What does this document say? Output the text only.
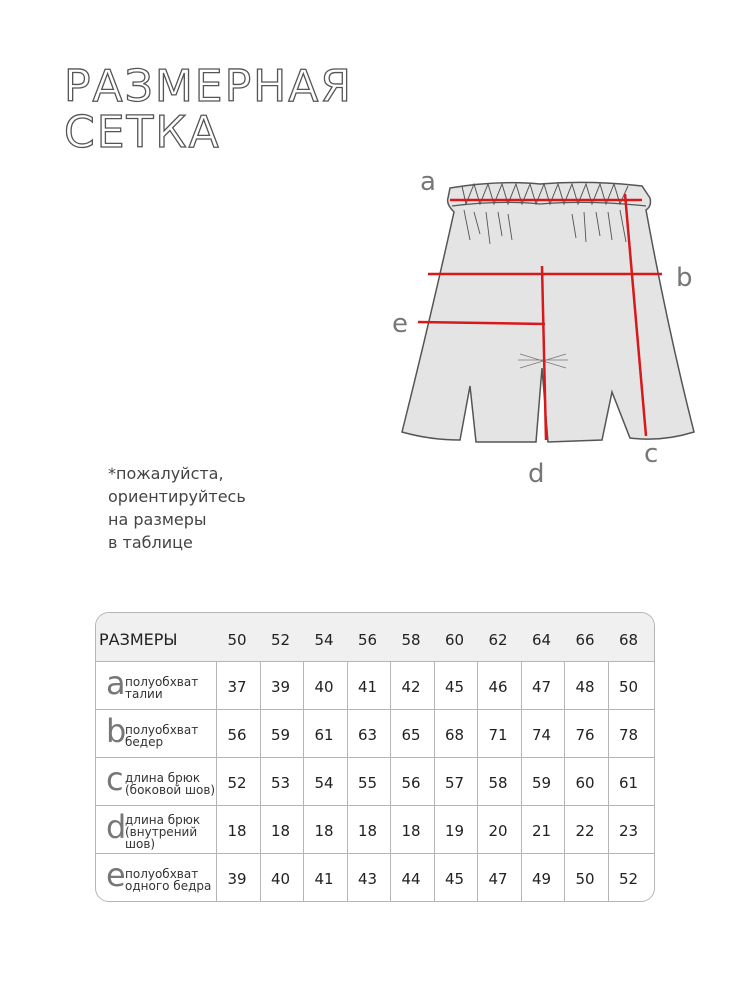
РАЗМЕРНАЯ
СЕТКА
a
b
c
d
e
*пожалуйста,
ориентируйтесь
на размеры
в таблице
РАЗМЕРЫ	50	52	54	56	58	60	62	64	66	68
a полуобхват
талии	37	39	40	41	42	45	46	47	48	50
b
полуобхват
бедер	56	59	61	63	65	68	71	74	76	78
c длина брюк
(боковой шов) 52	53	54	55	56	57	58	59	60	61
d
длина брюк
(внутрений
шов)
18	18	18	18	18	19	20	21	22	23
e полуобхват
одного бедра	39	40	41	43	44	45	47	49	50	52
